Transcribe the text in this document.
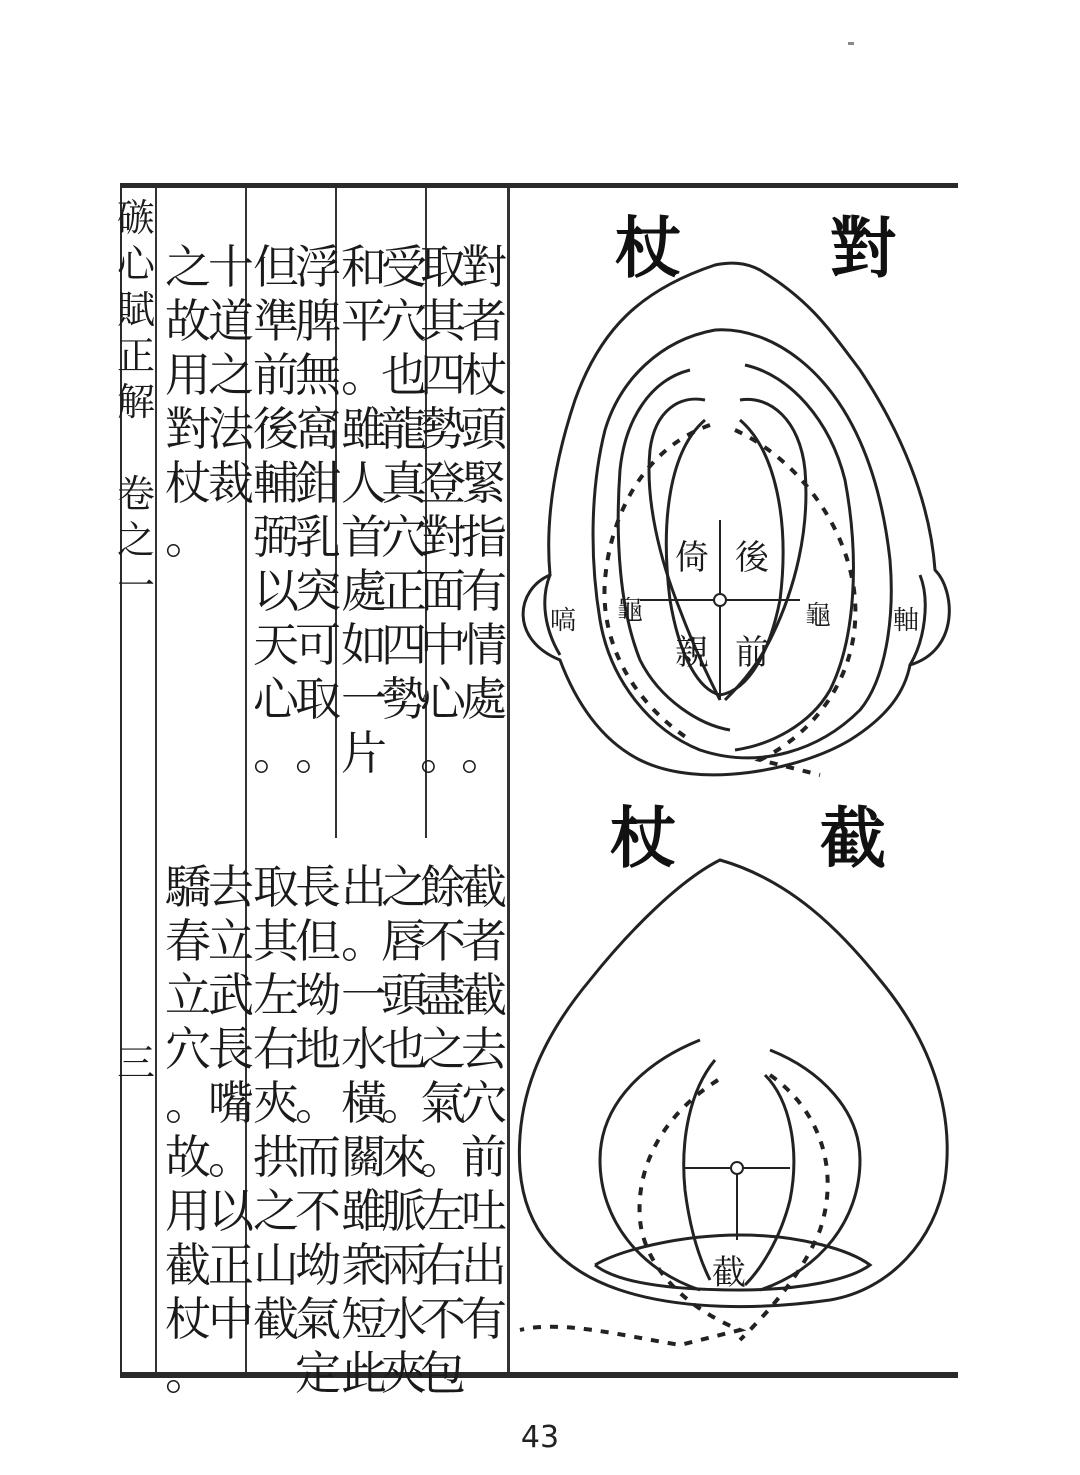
䃚
心
賦
正
解
卷
之
一
三
對
者
杖
頭
緊
指
有
情
處
。
取
其
四
勢
登
對
面
中
心
。
受
穴
也
龍
真
穴
正
四
勢
和
平
。
雖
人
首
處
如
一
片
浮
脾
無
窩
鉗
乳
突
可
取
。
但
準
前
後
輔
弼
以
天
心
。
十
道
之
法
裁
之
故
用
對
杖
。
截
者
截
去
穴
前
吐
出
有
餘
不
盡
之
氣
。
左
右
不
包
之
唇
頭
也
。
來
脈
兩
水
夾
出
。
一
水
橫
關
雖
衆
短
此
長
但
坳
地
。
而
不
坳
氣
定
取
其
左
右
夾
拱
之
山
截
去
立
武
長
嘴
。
以
正
中
驕
春
立
穴
。
故
用
截
杖
。
對
杖
截
杖
後
倚
親 前
龜	龜
嗃	軸
截
43
